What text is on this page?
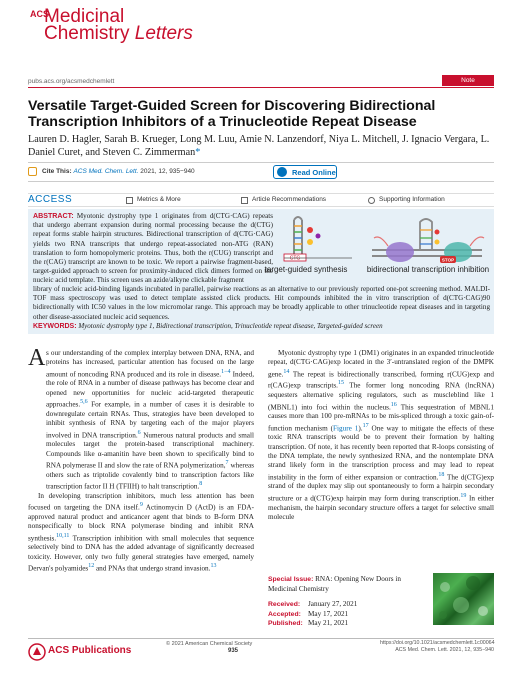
ACS
Medicinal
Chemistry Letters
pubs.acs.org/acsmedchemlett	Note
Versatile Target-Guided Screen for Discovering Bidirectional Transcription Inhibitors of a Trinucleotide Repeat Disease
Lauren D. Hagler, Sarah B. Krueger, Long M. Luu, Amie N. Lanzendorf, Niya L. Mitchell, J. Ignacio Vergara, L. Daniel Curet, and Steven C. Zimmerman*
Cite This: ACS Med. Chem. Lett. 2021, 12, 935−940	Read Online
ACCESS	Metrics & More	Article Recommendations	Supporting Information
ABSTRACT: Myotonic dystrophy type 1 originates from d(CTG·CAG) repeats that undergo aberrant expansion during normal processing because the d(CTG) repeat forms stable hairpin structures. Bidirectional transcription of d(CTG·CAG) yields two RNA transcripts that undergo repeat-associated non-ATG (RAN) translation to form homopolymeric proteins. Thus, both the r(CUG) transcript and the r(CAG) transcript are known to be toxic. We report a pairwise fragment-based, target-guided approach to screen for proximity-induced click dimers formed on the nucleic acid template. This screen uses an azide/alkyne clickable fragment
CTG
target-guided synthesis
STOP
bidirectional transcription inhibition
library of nucleic acid-binding ligands incubated in parallel, pairwise reactions as an alternative to our previously reported one-pot screening method. MALDI-TOF mass spectroscopy was used to detect template assisted click products. Hit compounds inhibited the in vitro transcription of d(CTG·CAG)90 bidirectionally with IC50 values in the low micromolar range. This approach may be broadly applicable to other trinucleotide repeat diseases and in targeting other disease-associated nucleic acid sequences.
KEYWORDS: Myotonic dystrophy type 1, Bidirectional transcription, Trinucleotide repeat disease, Targeted-guided screen
A s our understanding of the complex interplay between DNA, RNA, and proteins has increased, particular attention has focused on the large amount of noncoding RNA produced and its role in disease.$^{1-4}$ Indeed, the role of RNA in a number of disease pathways has become clear and opened new opportunities for nucleic acid-targeted therapeutic approaches.$^{5,6}$ For example, in a number of cases it is desirable to downregulate certain RNAs. Thus, strategies have been developed to inhibit synthesis of RNA by targeting each of the major players involved in DNA transcription.$^6$ Numerous natural products and small molecules target the protein-based transcriptional machinery. Compounds like α-amanitin have been shown to specifically bind to RNA polymerase II and slow the rate of RNA polymerization,$^7$ whereas others such as triptolide covalently bind to transcription factors like transcription factor II H (TFIIH) to halt transcription.$^8$
In developing transcription inhibitors, much less attention has been focused on targeting the DNA itself.$^9$ Actinomycin D (ActD) is an FDA-approved natural product and anticancer agent that binds to B-form DNA nonspecifically to block RNA polymerase binding and inhibit RNA synthesis.$^{10,11}$ Transcription inhibition with small molecules that sequence selectively bind to DNA has the added advantage of significantly decreased toxicity. However, only two fully general strategies have emerged, namely Dervan's polyamides$^{12}$ and PNAs that undergo strand invasion.$^{13}$
Myotonic dystrophy type 1 (DM1) originates in an expanded trinucleotide repeat, d(CTG·CAG)exp located in the 3′-untranslated region of the DMPK gene.$^{14}$ The repeat is bidirectionally transcribed, forming r(CUG)exp and r(CAG)exp transcripts.$^{15}$ The former long noncoding RNA (lncRNA) sequesters alternative splicing regulators, such as muscleblind like 1 (MBNL1) into foci within the nucleus.$^{16}$ This sequestration of MBNL1 causes more than 100 pre-mRNAs to be mis-spliced through a toxic gain-of-function mechanism (Figure 1).$^{17}$ One way to mitigate the effects of these toxic RNA transcripts would be to prevent their formation by halting transcription. Of note, it has recently been reported that R-loops consisting of the DNA template, the newly synthesized RNA, and the nontemplate DNA strand likely form in the transcription process and may lead to repeat instability in the form of either expansion or contraction.$^{18}$ The d(CTG)exp strand of the duplex may slip out spontaneously to form a hairpin secondary structure or a d(CTG)exp hairpin may form during transcription.$^{19}$ In either mechanism, the hairpin secondary structure offers a target for selective small molecule
Special Issue: RNA: Opening New Doors in Medicinal Chemistry
Received: January 27, 2021
Accepted: May 17, 2021
Published: May 21, 2021
ACS Publications
© 2021 American Chemical Society
935
https://doi.org/10.1021/acsmedchemlett.1c00064
ACS Med. Chem. Lett. 2021, 12, 935−940
